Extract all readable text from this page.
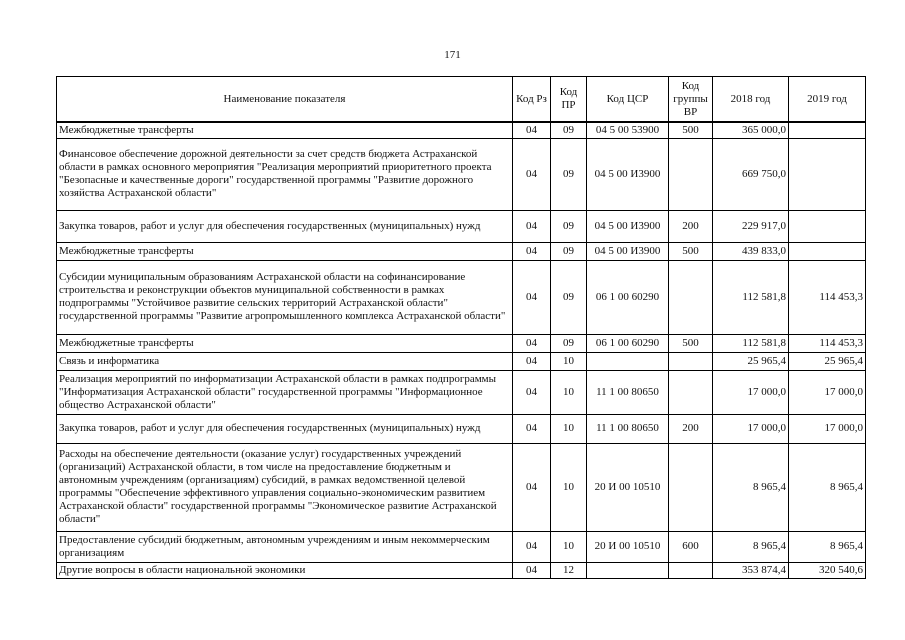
171
Наименование показателя	Код Рз	Код ПР	Код ЦСР	Код группы ВР	2018 год	2019 год
Межбюджетные трансферты	04	09	04 5 00 53900	500	365 000,0	
Финансовое обеспечение дорожной деятельности за счет средств бюджета Астраханской области в рамках основного мероприятия "Реализация мероприятий приоритетного проекта "Безопасные и качественные дороги" государственной программы "Развитие дорожного хозяйства Астраханской области"	04	09	04 5 00 И3900		669 750,0	
Закупка товаров, работ и услуг для обеспечения государственных (муниципальных) нужд	04	09	04 5 00 И3900	200	229 917,0	
Межбюджетные трансферты	04	09	04 5 00 И3900	500	439 833,0	
Субсидии муниципальным образованиям Астраханской области на софинансирование строительства и реконструкции объектов муниципальной собственности в рамках подпрограммы "Устойчивое развитие сельских территорий Астраханской области" государственной программы "Развитие агропромышленного комплекса Астраханской области"	04	09	06 1 00 60290		112 581,8	114 453,3
Межбюджетные трансферты	04	09	06 1 00 60290	500	112 581,8	114 453,3
Связь и информатика	04	10			25 965,4	25 965,4
Реализация мероприятий по информатизации Астраханской области в рамках подпрограммы "Информатизация Астраханской области" государственной программы "Информационное общество Астраханской области"	04	10	11 1 00 80650		17 000,0	17 000,0
Закупка товаров, работ и услуг для обеспечения государственных (муниципальных) нужд	04	10	11 1 00 80650	200	17 000,0	17 000,0
Расходы на обеспечение деятельности (оказание услуг) государственных учреждений (организаций) Астраханской области, в том числе на предоставление бюджетным и автономным учреждениям (организациям) субсидий, в рамках ведомственной целевой программы "Обеспечение эффективного управления социально-экономическим развитием Астраханской области" государственной программы "Экономическое развитие Астраханской области"	04	10	20 И 00 10510		8 965,4	8 965,4
Предоставление субсидий бюджетным, автономным учреждениям и иным некоммерческим организациям	04	10	20 И 00 10510	600	8 965,4	8 965,4
Другие вопросы в области национальной экономики	04	12			353 874,4	320 540,6
